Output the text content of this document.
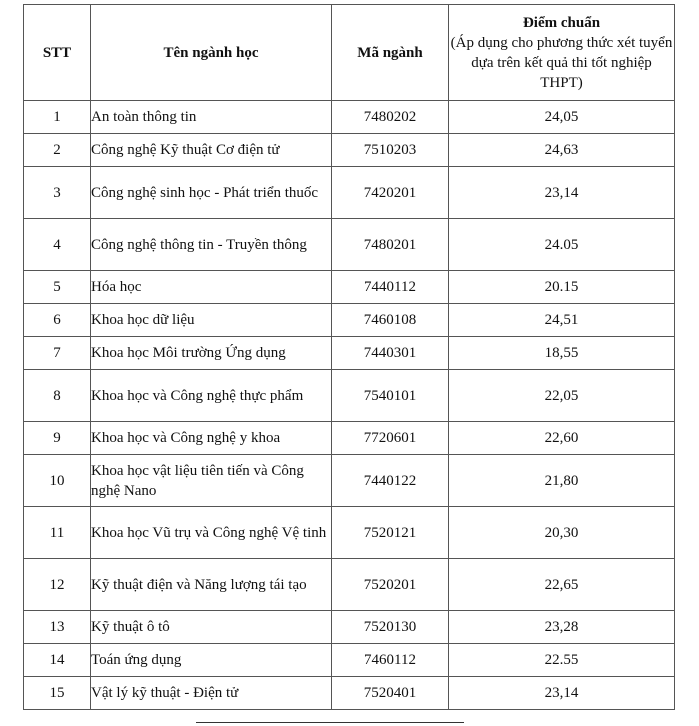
STT	Tên ngành học	Mã ngành	Điểm chuẩn
(Áp dụng cho phương thức xét tuyển dựa trên kết quả thi tốt nghiệp THPT)

1	An toàn thông tin	7480202	24,05
2	Công nghệ Kỹ thuật Cơ điện tử	7510203	24,63
3	Công nghệ sinh học - Phát triển thuốc	7420201	23,14
4	Công nghệ thông tin - Truyền thông	7480201	24.05
5	Hóa học	7440112	20.15
6	Khoa học dữ liệu	7460108	24,51
7	Khoa học Môi trường Ứng dụng	7440301	18,55
8	Khoa học và Công nghệ thực phẩm	7540101	22,05
9	Khoa học và Công nghệ y khoa	7720601	22,60
10	Khoa học vật liệu tiên tiến và Công nghệ Nano	7440122	21,80
11	Khoa học Vũ trụ và Công nghệ Vệ tinh	7520121	20,30
12	Kỹ thuật điện và Năng lượng tái tạo	7520201	22,65
13	Kỹ thuật ô tô	7520130	23,28
14	Toán ứng dụng	7460112	22.55
15	Vật lý kỹ thuật - Điện tử	7520401	23,14
